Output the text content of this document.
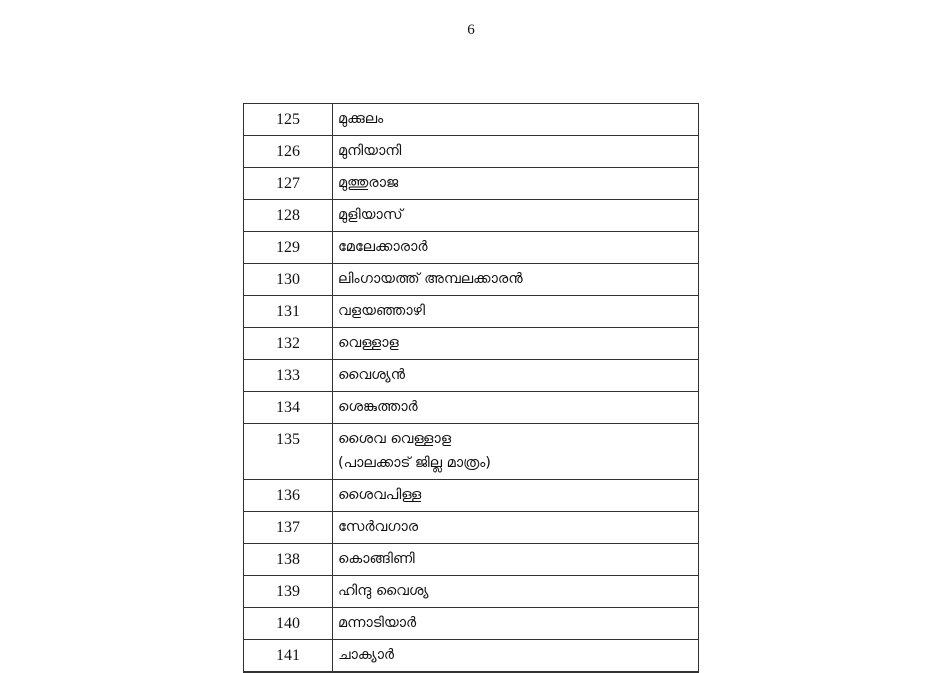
6
125	മുക്കുലം
126	മുനിയാനി
127	മുത്തുരാജ
128	മുളിയാസ്
129	മേലേക്കാരാർ
130	ലിംഗായത്ത് അമ്പലക്കാരൻ
131	വളയഞ്ഞാഴി
132	വെള്ളാള
133	വൈശ്യൻ
134	ശെങ്കുത്താർ
135	ശൈവ വെള്ളാള
(പാലക്കാട് ജില്ല മാത്രം)

136	ശൈവപിള്ള
137	സേർവഗാര
138	കൊങ്ങിണി
139	ഹിന്ദു വൈശ്യ
140	മന്നാടിയാർ
141	ചാക്യാർ
